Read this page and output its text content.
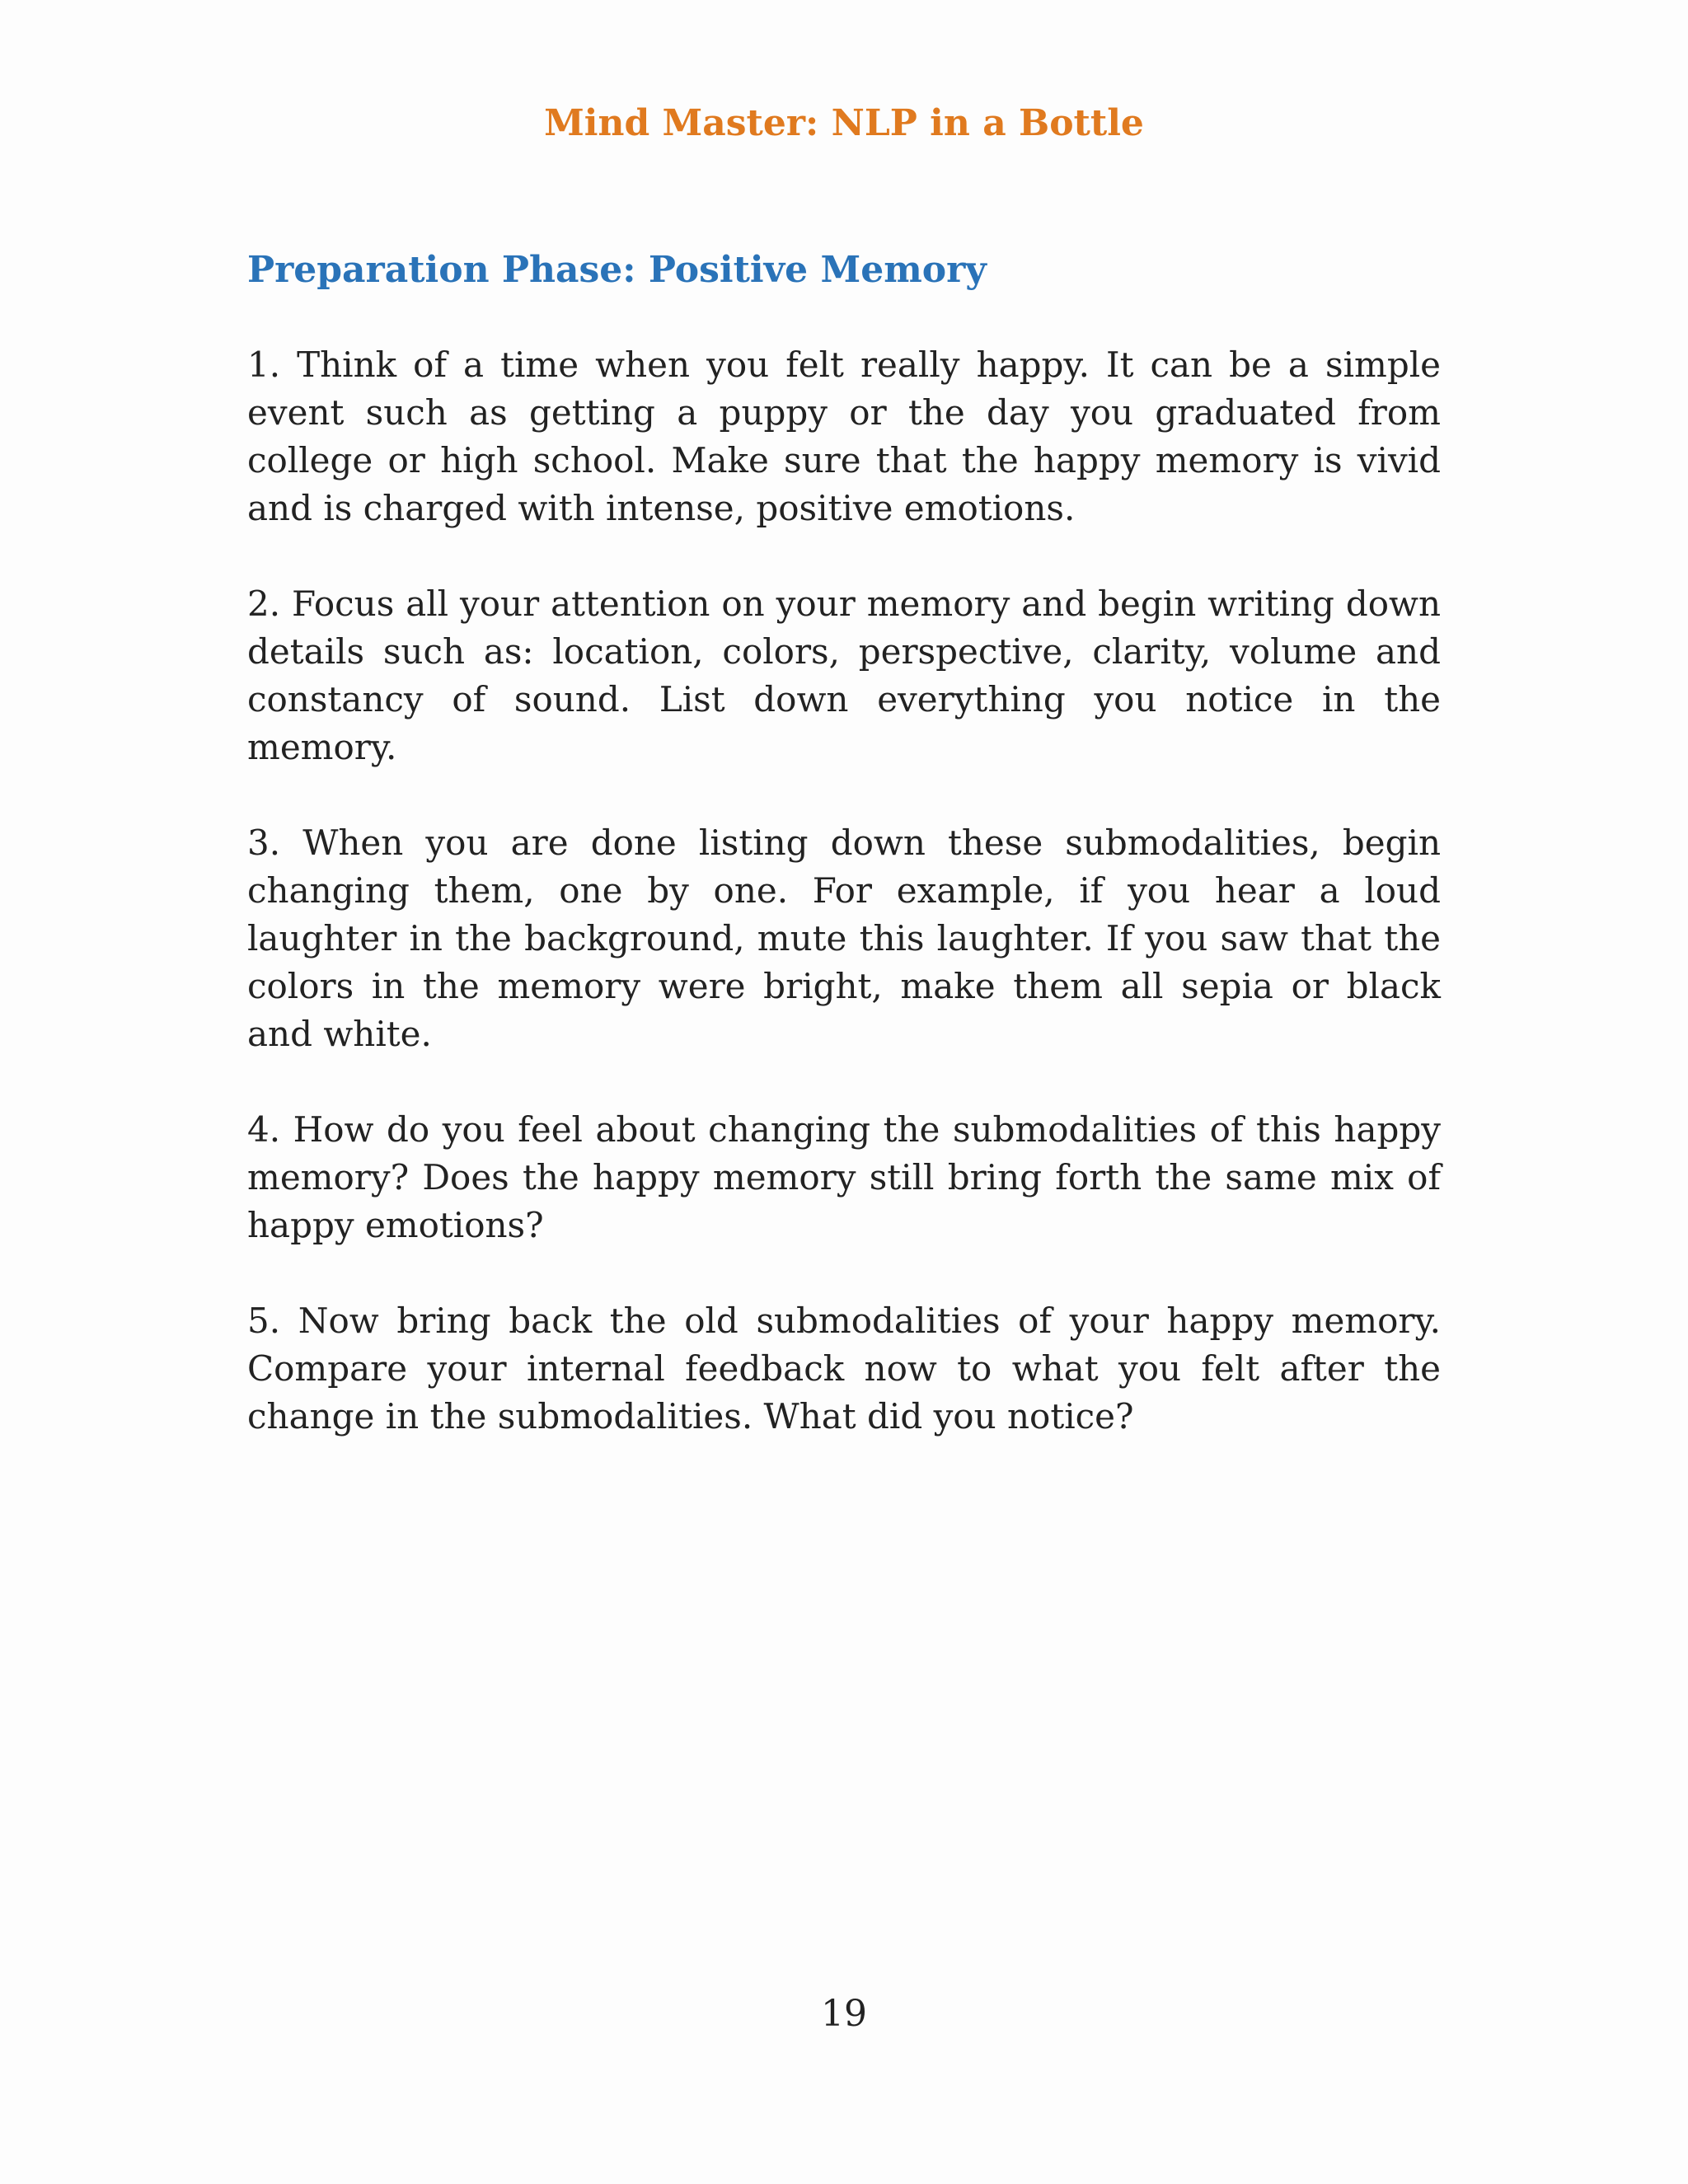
Mind Master: NLP in a Bottle
Preparation Phase: Positive Memory

1. Think of a time when you felt really happy. It can be a simple event such as getting a puppy or the day you graduated from college or high school. Make sure that the happy memory is vivid and is charged with intense, positive emotions.

2. Focus all your attention on your memory and begin writing down details such as: location, colors, perspective, clarity, volume and constancy of sound. List down everything you notice in the memory.

3. When you are done listing down these submodalities, begin changing them, one by one. For example, if you hear a loud laughter in the background, mute this laughter. If you saw that the colors in the memory were bright, make them all sepia or black and white.

4. How do you feel about changing the submodalities of this happy memory? Does the happy memory still bring forth the same mix of happy emotions?

5. Now bring back the old submodalities of your happy memory. Compare your internal feedback now to what you felt after the change in the submodalities. What did you notice?

19
